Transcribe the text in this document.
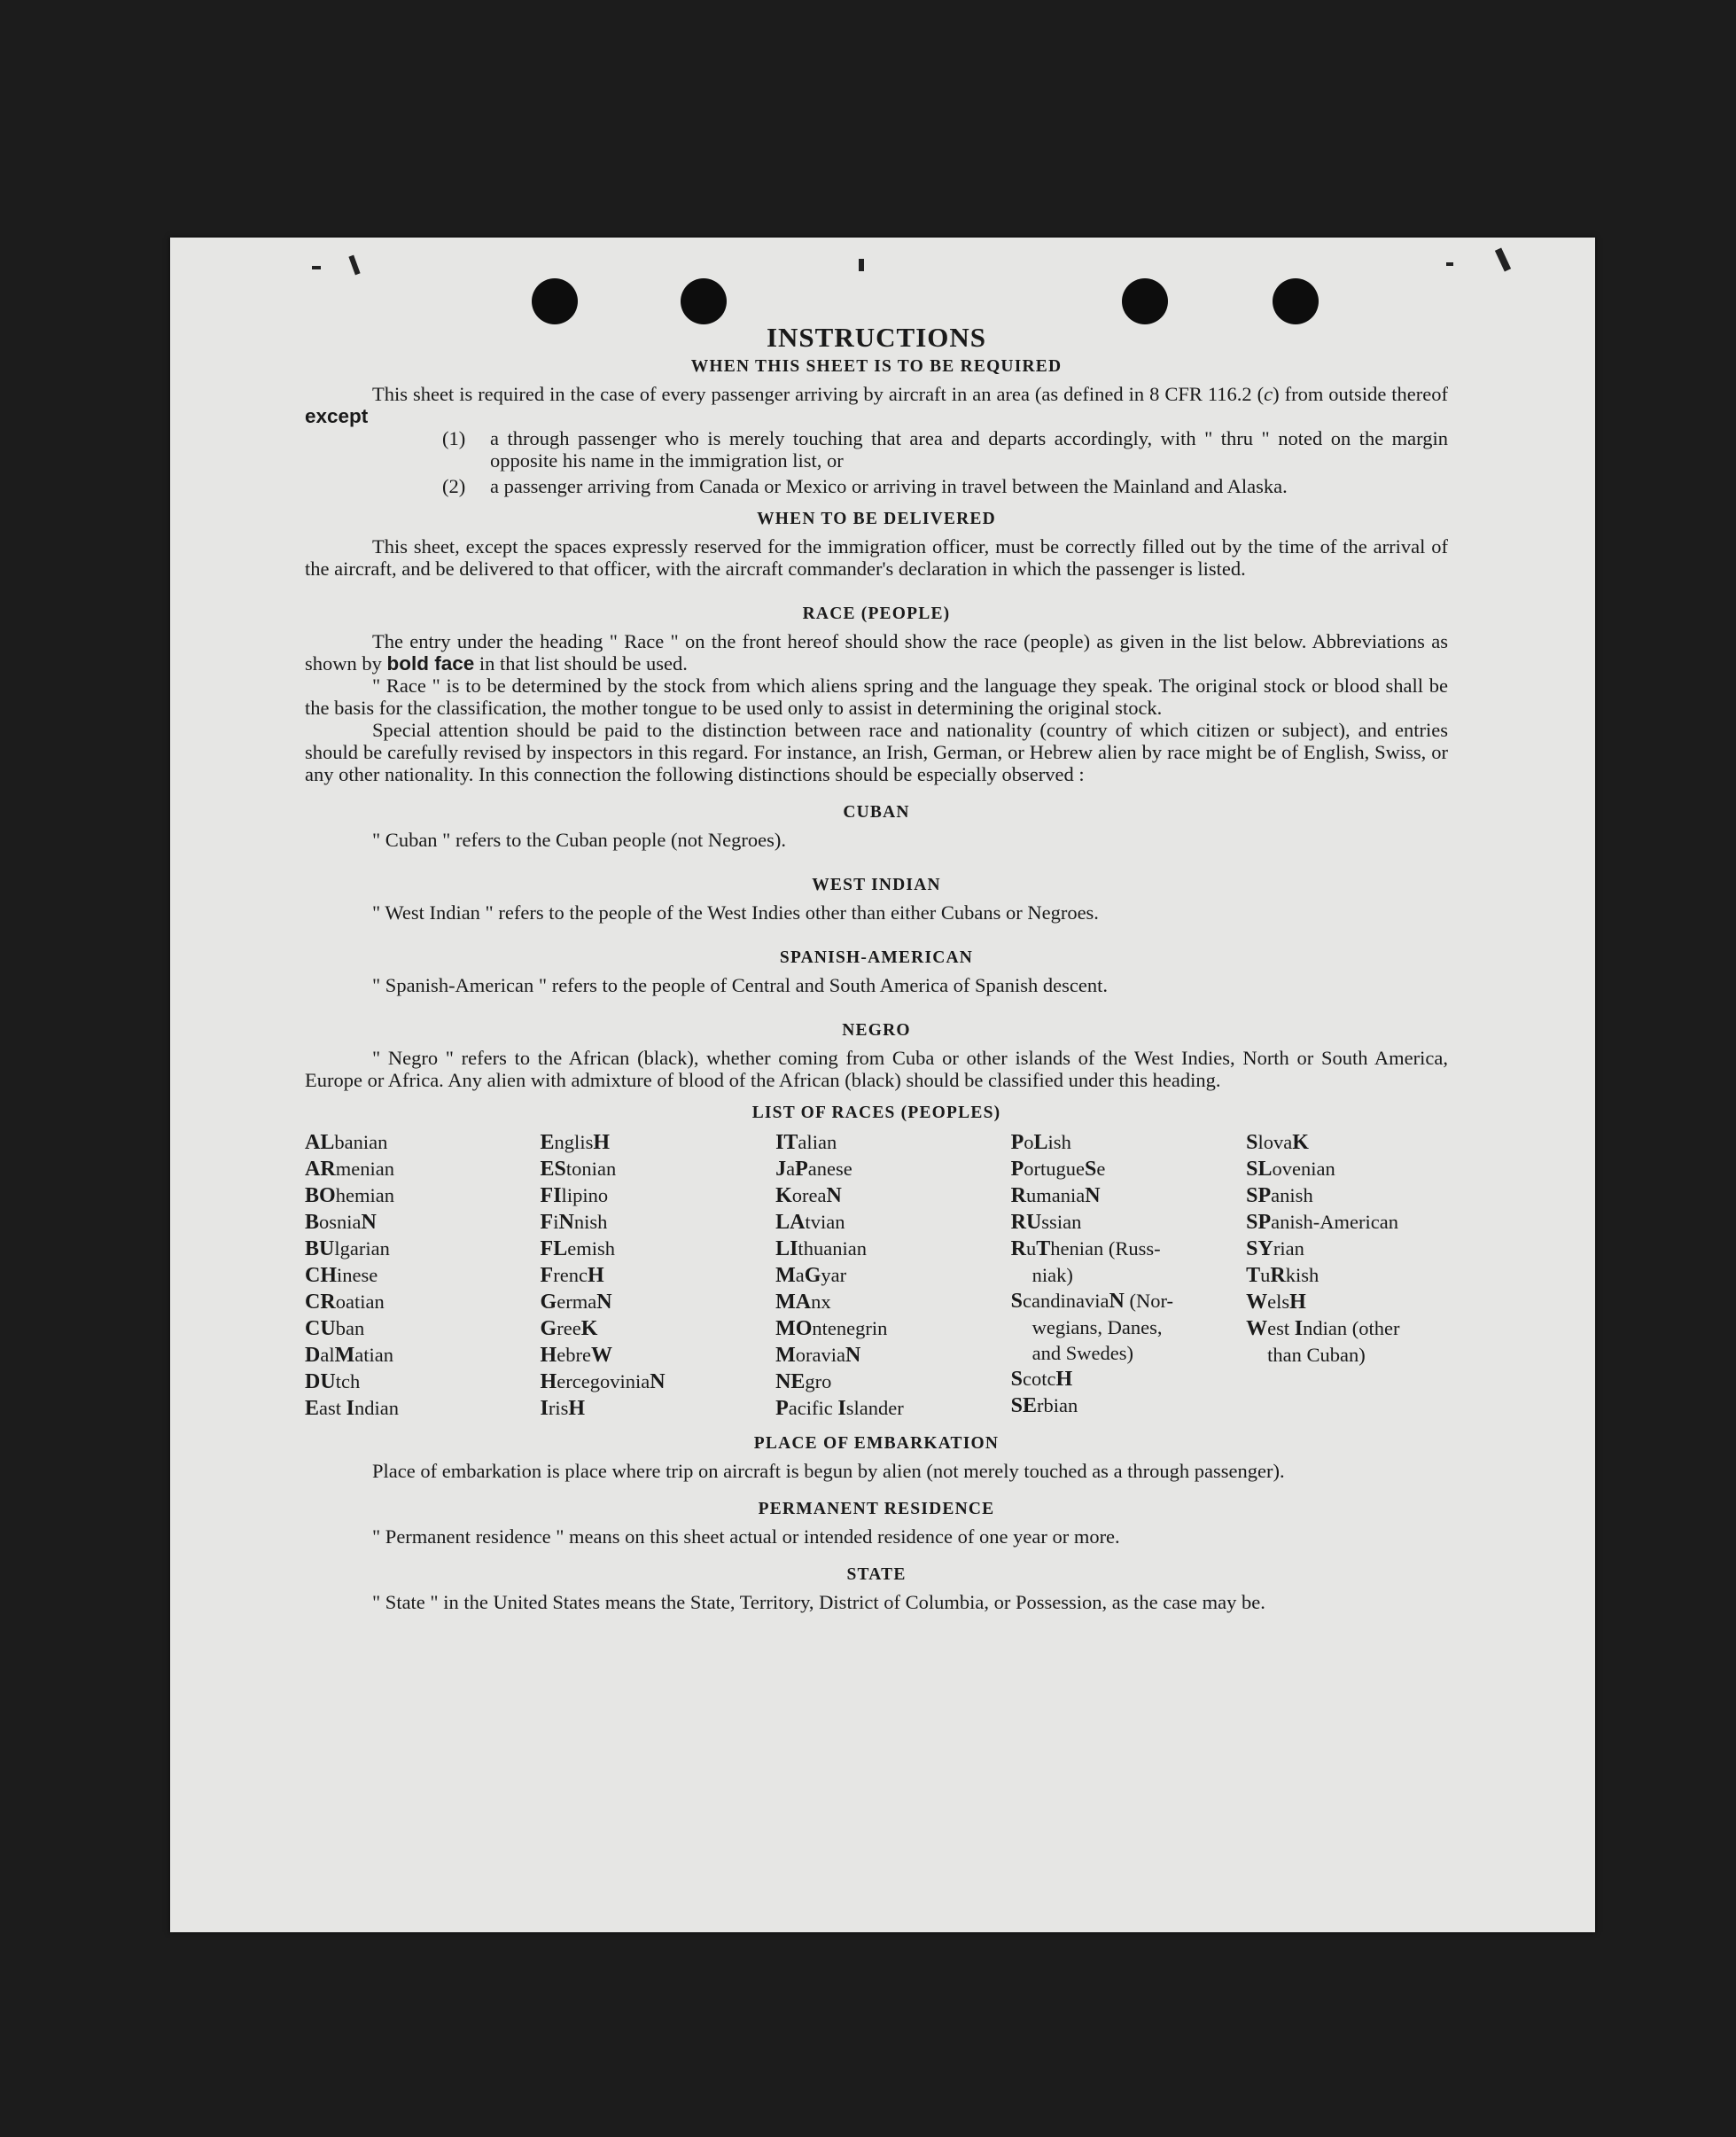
INSTRUCTIONS
WHEN THIS SHEET IS TO BE REQUIRED

This sheet is required in the case of every passenger arriving by aircraft in an area (as defined in 8 CFR 116.2 (c) from outside thereof except

(1)	a through passenger who is merely touching that area and departs accordingly, with " thru " noted on the margin opposite his name in the immigration list, or
(2)	a passenger arriving from Canada or Mexico or arriving in travel between the Mainland and Alaska.
WHEN TO BE DELIVERED

This sheet, except the spaces expressly reserved for the immigration officer, must be correctly filled out by the time of the arrival of the aircraft, and be delivered to that officer, with the aircraft commander's declaration in which the passenger is listed.

RACE (PEOPLE)

The entry under the heading " Race " on the front hereof should show the race (people) as given in the list below. Abbreviations as shown by bold face in that list should be used.

" Race " is to be determined by the stock from which aliens spring and the language they speak. The original stock or blood shall be the basis for the classification, the mother tongue to be used only to assist in determining the original stock.

Special attention should be paid to the distinction between race and nationality (country of which citizen or subject), and entries should be carefully revised by inspectors in this regard. For instance, an Irish, German, or Hebrew alien by race might be of English, Swiss, or any other nationality. In this connection the following distinctions should be especially observed :

CUBAN

" Cuban " refers to the Cuban people (not Negroes).

WEST INDIAN

" West Indian " refers to the people of the West Indies other than either Cubans or Negroes.

SPANISH-AMERICAN

" Spanish-American " refers to the people of Central and South America of Spanish descent.

NEGRO

" Negro " refers to the African (black), whether coming from Cuba or other islands of the West Indies, North or South America, Europe or Africa. Any alien with admixture of blood of the African (black) should be classified under this heading.

LIST OF RACES (PEOPLES)
ALbanian
ARmenian
BOhemian
BosniaN
BUlgarian
CHinese
CRoatian
CUban
DalMatian
DUtch
East Indian
EnglisH
EStonian
FIlipino
FiNnish
FLemish
FrencH
GermaN
GreeK
HebreW
HercegoviniaN
IrisH
ITalian
JaPanese
KoreaN
LAtvian
LIthuanian
MaGyar
MAnx
MOntenegrin
MoraviaN
NEgro
Pacific Islander
PoLish
PortugueSe
RumaniaN
RUssian
RuThenian (Russ-
niak)
ScandinaviaN (Nor-
wegians, Danes,
and Swedes)
ScotcH
SErbian
SlovaK
SLovenian
SPanish
SPanish-American
SYrian
TuRkish
WelsH
West Indian (other
than Cuban)
PLACE OF EMBARKATION

Place of embarkation is place where trip on aircraft is begun by alien (not merely touched as a through passenger).

PERMANENT RESIDENCE

" Permanent residence " means on this sheet actual or intended residence of one year or more.

STATE

" State " in the United States means the State, Territory, District of Columbia, or Possession, as the case may be.
